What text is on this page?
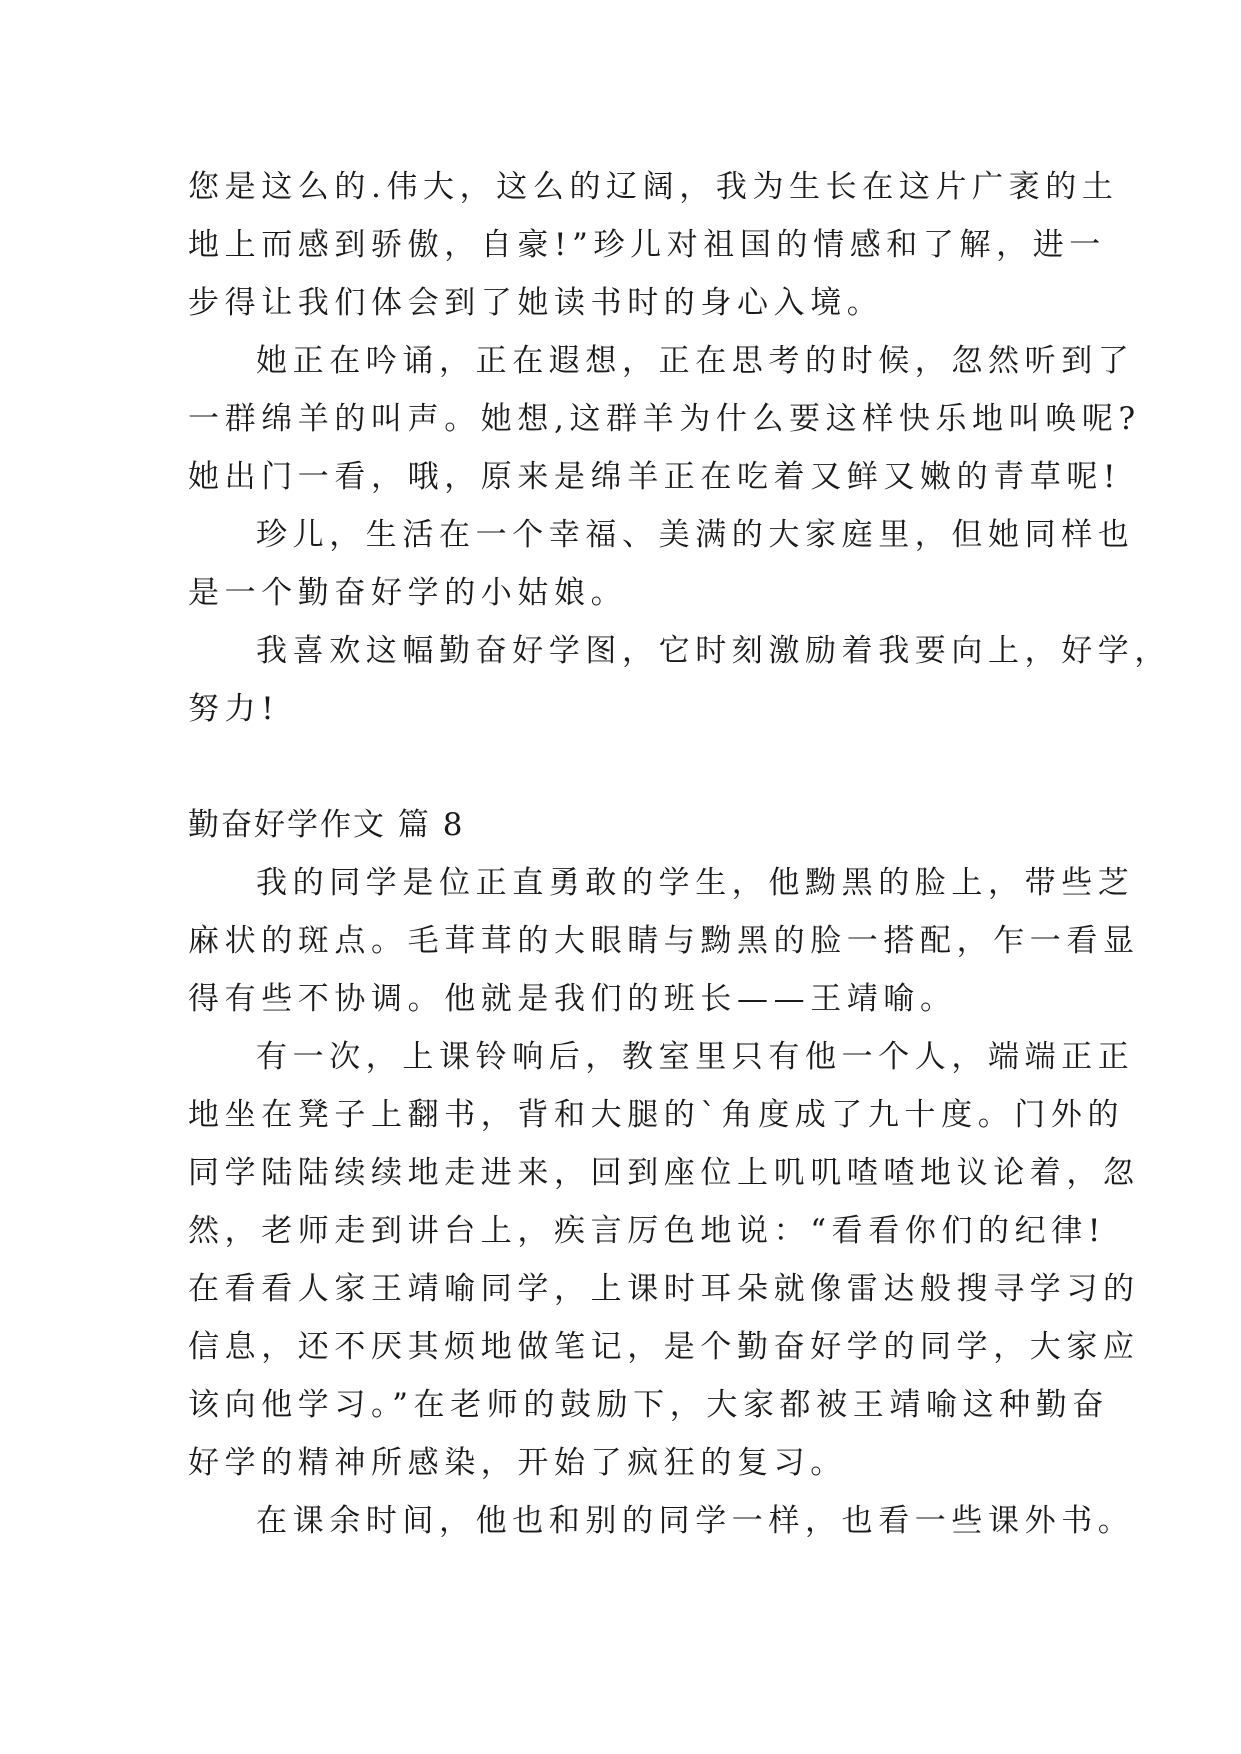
您是这么的.伟大，这么的辽阔，我为生长在这片广袤的土
地上而感到骄傲，自豪!”珍儿对祖国的情感和了解，进一
步得让我们体会到了她读书时的身心入境。
她正在吟诵，正在遐想，正在思考的时候，忽然听到了
一群绵羊的叫声。她想,这群羊为什么要这样快乐地叫唤呢?
她出门一看，哦，原来是绵羊正在吃着又鲜又嫩的青草呢!
珍儿，生活在一个幸福、美满的大家庭里，但她同样也
是一个勤奋好学的小姑娘。
我喜欢这幅勤奋好学图，它时刻激励着我要向上，好学，
努力!
勤奋好学作文 篇 8
我的同学是位正直勇敢的学生，他黝黑的脸上，带些芝
麻状的斑点。毛茸茸的大眼睛与黝黑的脸一搭配，乍一看显
得有些不协调。他就是我们的班长——王靖喻。
有一次，上课铃响后，教室里只有他一个人，端端正正
地坐在凳子上翻书，背和大腿的`角度成了九十度。门外的
同学陆陆续续地走进来，回到座位上叽叽喳喳地议论着，忽
然，老师走到讲台上，疾言厉色地说：“看看你们的纪律!
在看看人家王靖喻同学，上课时耳朵就像雷达般搜寻学习的
信息，还不厌其烦地做笔记，是个勤奋好学的同学，大家应
该向他学习。”在老师的鼓励下，大家都被王靖喻这种勤奋
好学的精神所感染，开始了疯狂的复习。
在课余时间，他也和别的同学一样，也看一些课外书。
